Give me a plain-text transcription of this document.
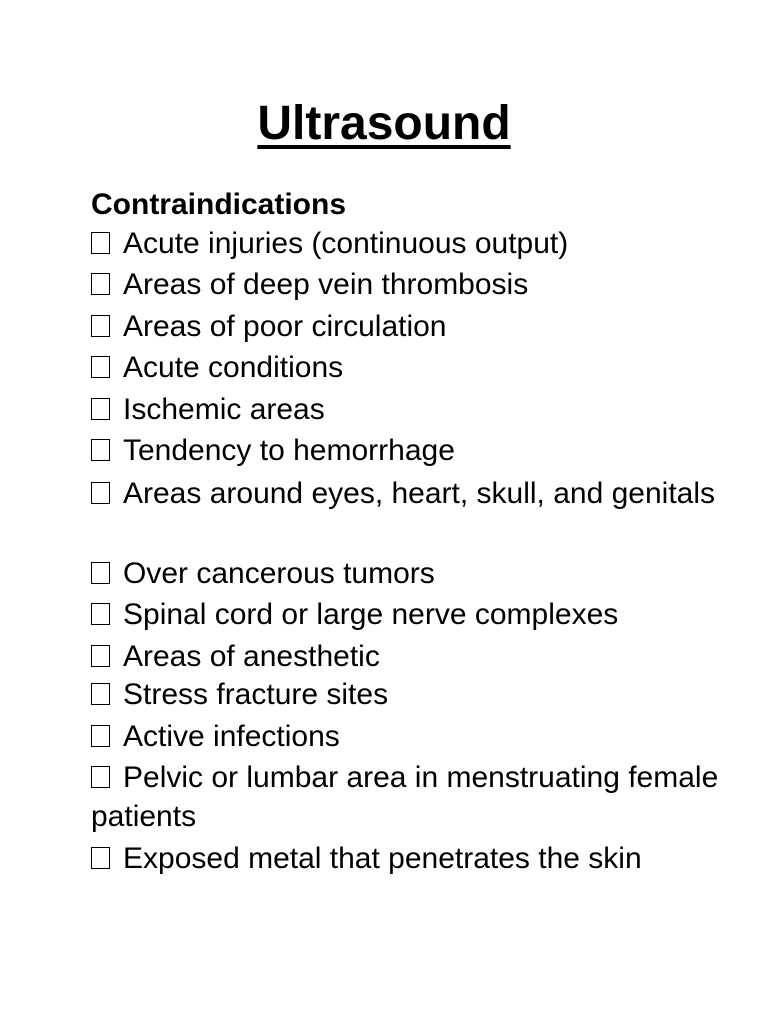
Ultrasound
Contraindications
Acute injuries (continuous output)
Areas of deep vein thrombosis
Areas of poor circulation
Acute conditions
Ischemic areas
Tendency to hemorrhage
Areas around eyes, heart, skull, and genitals
Over cancerous tumors
Spinal cord or large nerve complexes
Areas of anesthetic
Stress fracture sites
Active infections
Pelvic or lumbar area in menstruating female patients
Exposed metal that penetrates the skin
